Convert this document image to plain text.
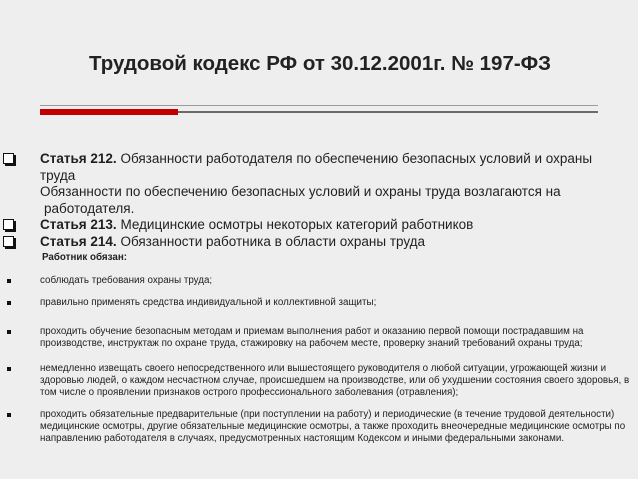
Трудовой кодекс РФ от 30.12.2001г. № 197-ФЗ
Статья 212. Обязанности работодателя по обеспечению безопасных условий и охраны труда
Обязанности по обеспечению безопасных условий и охраны труда возлагаются на работодателя.
Статья 213. Медицинские осмотры некоторых категорий работников
Статья 214. Обязанности работника в области охраны труда
Работник обязан:
соблюдать требования охраны труда;
правильно применять средства индивидуальной и коллективной защиты;
проходить обучение безопасным методам и приемам выполнения работ и оказанию первой помощи пострадавшим на производстве, инструктаж по охране труда, стажировку на рабочем месте, проверку знаний требований охраны труда;
немедленно извещать своего непосредственного или вышестоящего руководителя о любой ситуации, угрожающей жизни и здоровью людей, о каждом несчастном случае, происшедшем на производстве, или об ухудшении состояния своего здоровья, в том числе о проявлении признаков острого профессионального заболевания (отравления);
проходить обязательные предварительные (при поступлении на работу) и периодические (в течение трудовой деятельности) медицинские осмотры, другие обязательные медицинские осмотры, а также проходить внеочередные медицинские осмотры по направлению работодателя в случаях, предусмотренных настоящим Кодексом и иными федеральными законами.
